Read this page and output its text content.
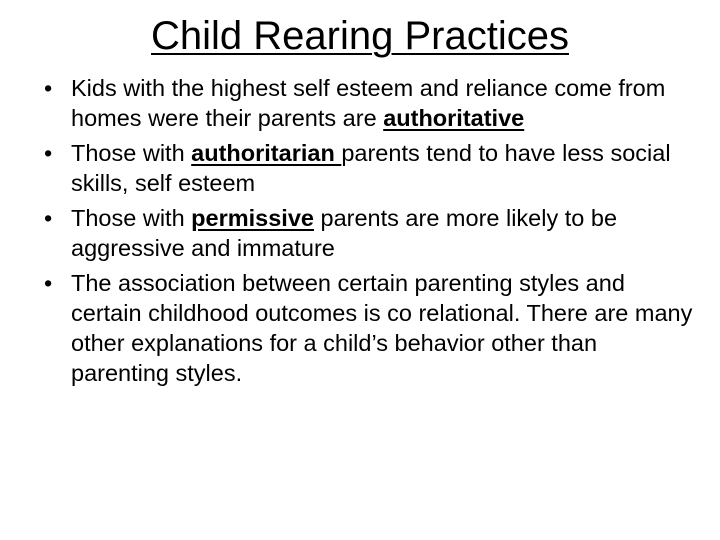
Child Rearing Practices
• Kids with the highest self esteem and reliance come from homes were their parents are authoritative
• Those with authoritarian parents tend to have less social skills, self esteem
• Those with permissive parents are more likely to be aggressive and immature
• The association between certain parenting styles and certain childhood outcomes is co relational. There are many other explanations for a child’s behavior other than parenting styles.
